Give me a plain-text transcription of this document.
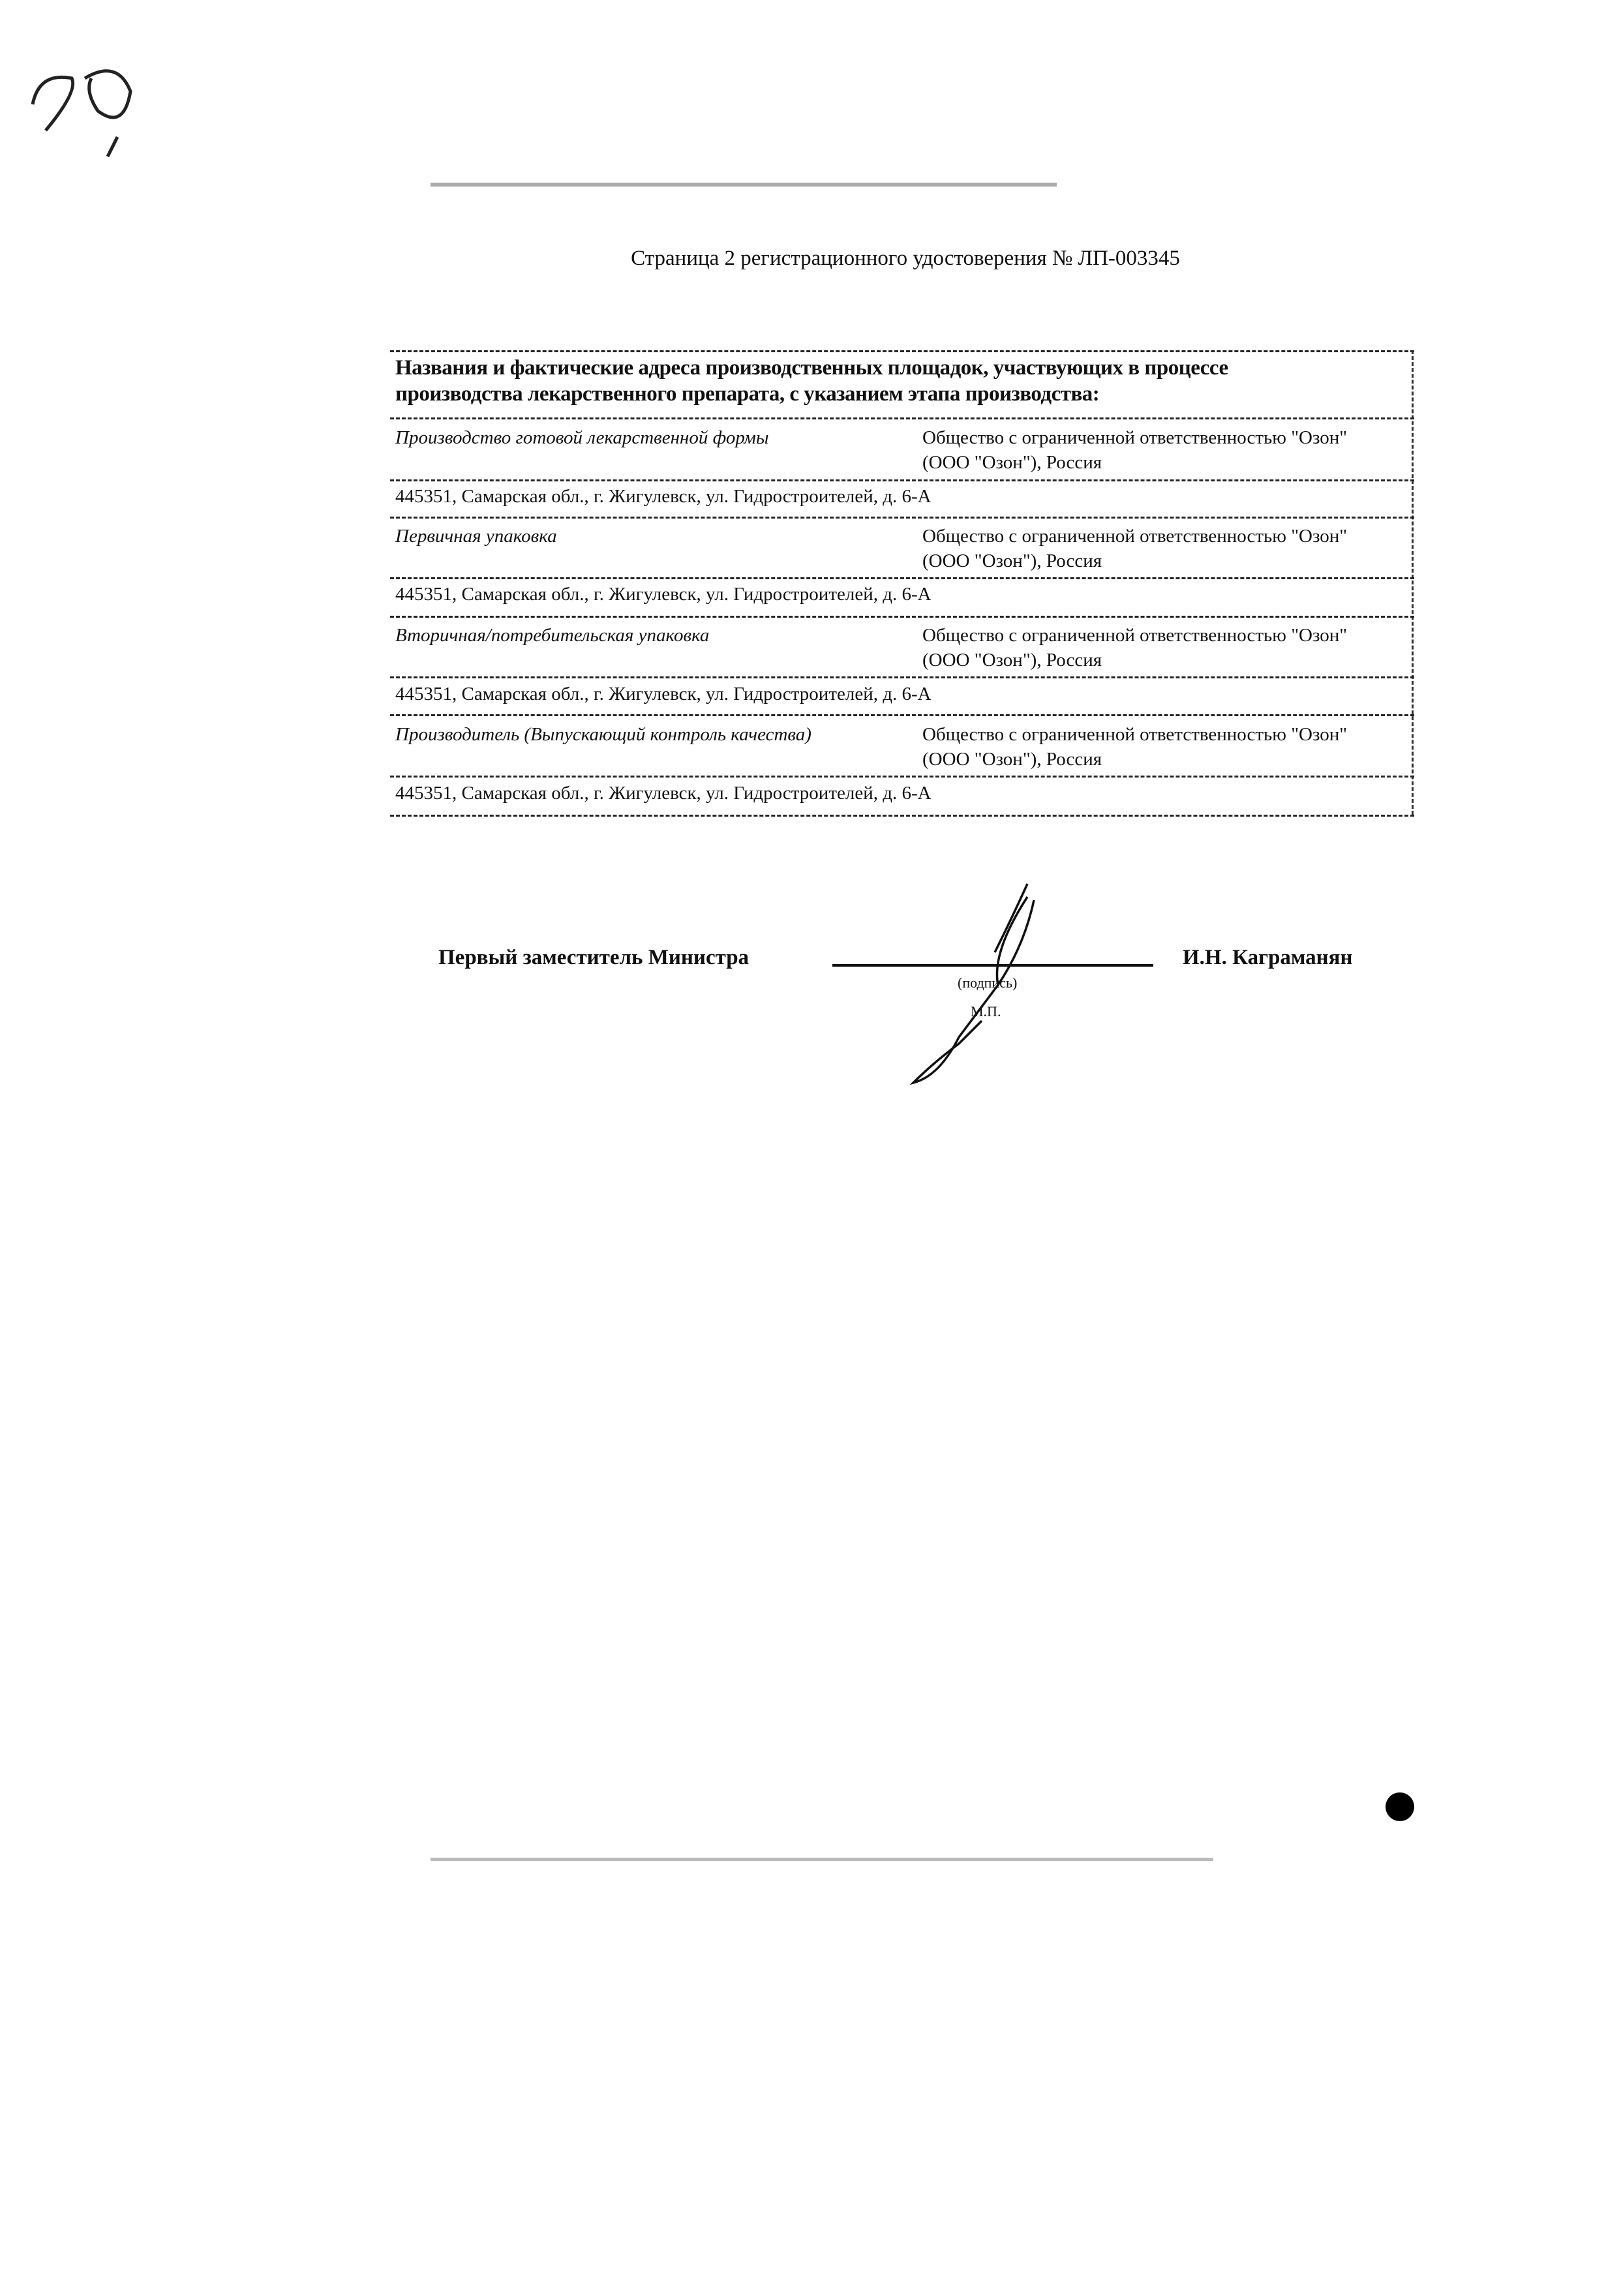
Страница 2 регистрационного удостоверения № ЛП-003345
Названия и фактические адреса производственных площадок, участвующих в процессе
производства лекарственного препарата, с указанием этапа производства:
Производство готовой лекарственной формы	Общество с ограниченной ответственностью "Озон"
(ООО "Озон"), Россия
445351, Самарская обл., г. Жигулевск, ул. Гидростроителей, д. 6-А
Первичная упаковка	Общество с ограниченной ответственностью "Озон"
(ООО "Озон"), Россия
445351, Самарская обл., г. Жигулевск, ул. Гидростроителей, д. 6-А
Вторичная/потребительская упаковка	Общество с ограниченной ответственностью "Озон"
(ООО "Озон"), Россия
445351, Самарская обл., г. Жигулевск, ул. Гидростроителей, д. 6-А
Производитель (Выпускающий контроль качества)	Общество с ограниченной ответственностью "Озон"
(ООО "Озон"), Россия
445351, Самарская обл., г. Жигулевск, ул. Гидростроителей, д. 6-А
Первый заместитель Министра
(подпись)
М.П.
И.Н. Каграманян
